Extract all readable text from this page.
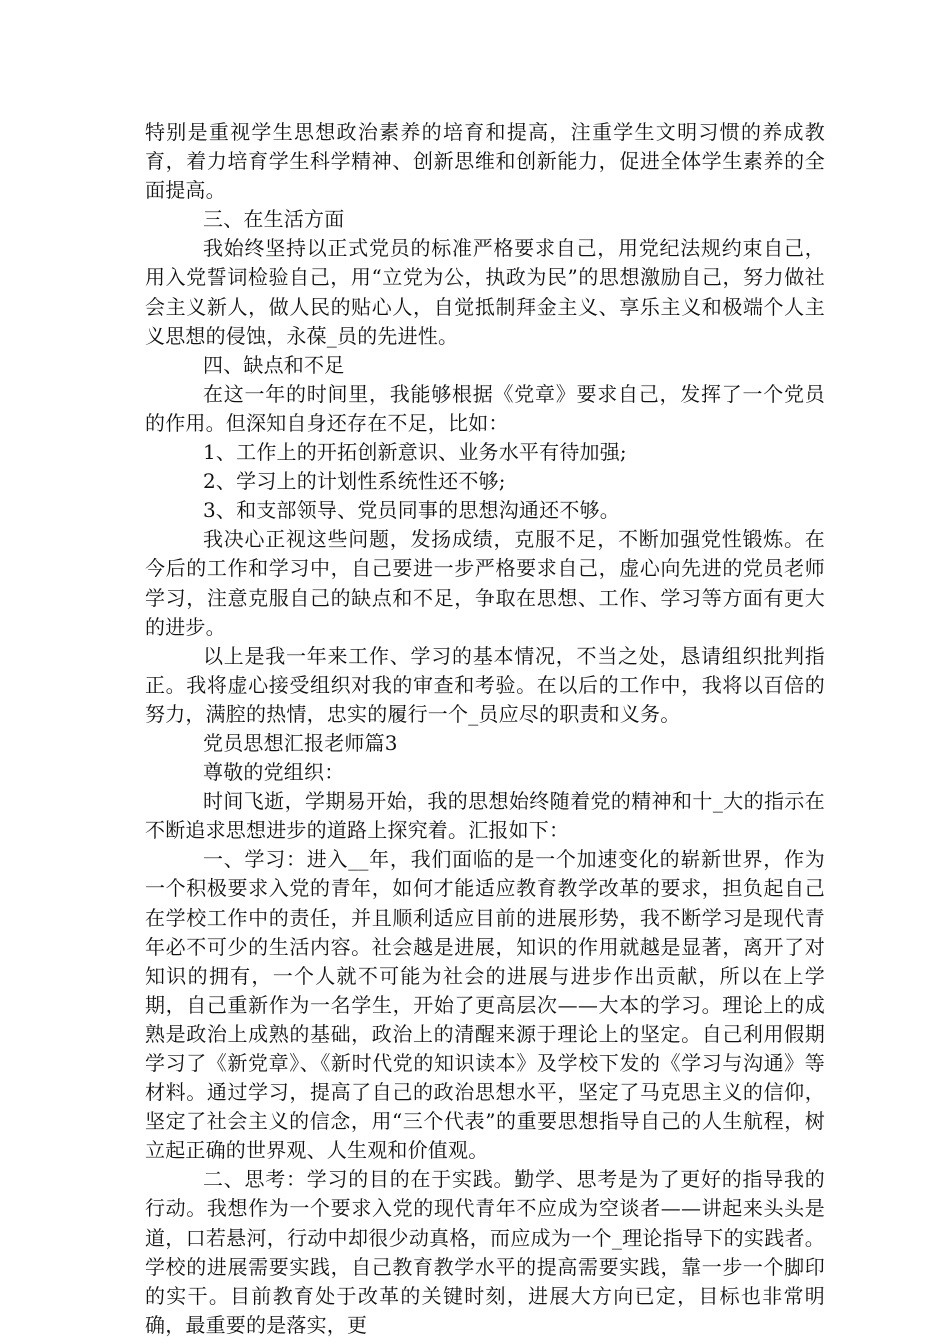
特别是重视学生思想政治素养的培育和提高，注重学生文明习惯的养成教育，着力培育学生科学精神、创新思维和创新能力，促进全体学生素养的全面提高。

三、在生活方面

我始终坚持以正式党员的标准严格要求自己，用党纪法规约束自己，用入党誓词检验自己，用“立党为公，执政为民”的思想激励自己，努力做社会主义新人，做人民的贴心人，自觉抵制拜金主义、享乐主义和极端个人主义思想的侵蚀，永葆_员的先进性。

四、缺点和不足

在这一年的时间里，我能够根据《党章》要求自己，发挥了一个党员的作用。但深知自身还存在不足，比如：

1、工作上的开拓创新意识、业务水平有待加强;

2、学习上的计划性系统性还不够;

3、和支部领导、党员同事的思想沟通还不够。

我决心正视这些问题，发扬成绩，克服不足，不断加强党性锻炼。在今后的工作和学习中，自己要进一步严格要求自己，虚心向先进的党员老师学习，注意克服自己的缺点和不足，争取在思想、工作、学习等方面有更大的进步。

以上是我一年来工作、学习的基本情况，不当之处，恳请组织批判指正。我将虚心接受组织对我的审查和考验。在以后的工作中，我将以百倍的努力，满腔的热情，忠实的履行一个_员应尽的职责和义务。

党员思想汇报老师篇3

尊敬的党组织：

时间飞逝，学期易开始，我的思想始终随着党的精神和十_大的指示在不断追求思想进步的道路上探究着。汇报如下：

一、学习：进入__年，我们面临的是一个加速变化的崭新世界，作为一个积极要求入党的青年，如何才能适应教育教学改革的要求，担负起自己在学校工作中的责任，并且顺利适应目前的进展形势，我不断学习是现代青年必不可少的生活内容。社会越是进展，知识的作用就越是显著，离开了对知识的拥有，一个人就不可能为社会的进展与进步作出贡献，所以在上学期，自己重新作为一名学生，开始了更高层次——大本的学习。理论上的成熟是政治上成熟的基础，政治上的清醒来源于理论上的坚定。自己利用假期学习了《新党章》、《新时代党的知识读本》及学校下发的《学习与沟通》等材料。通过学习，提高了自己的政治思想水平，坚定了马克思主义的信仰，坚定了社会主义的信念，用“三个代表”的重要思想指导自己的人生航程，树立起正确的世界观、人生观和价值观。

二、思考：学习的目的在于实践。勤学、思考是为了更好的指导我的行动。我想作为一个要求入党的现代青年不应成为空谈者——讲起来头头是道，口若悬河，行动中却很少动真格，而应成为一个_理论指导下的实践者。学校的进展需要实践，自己教育教学水平的提高需要实践，靠一步一个脚印的实干。目前教育处于改革的关键时刻，进展大方向已定，目标也非常明确，最重要的是落实，更
